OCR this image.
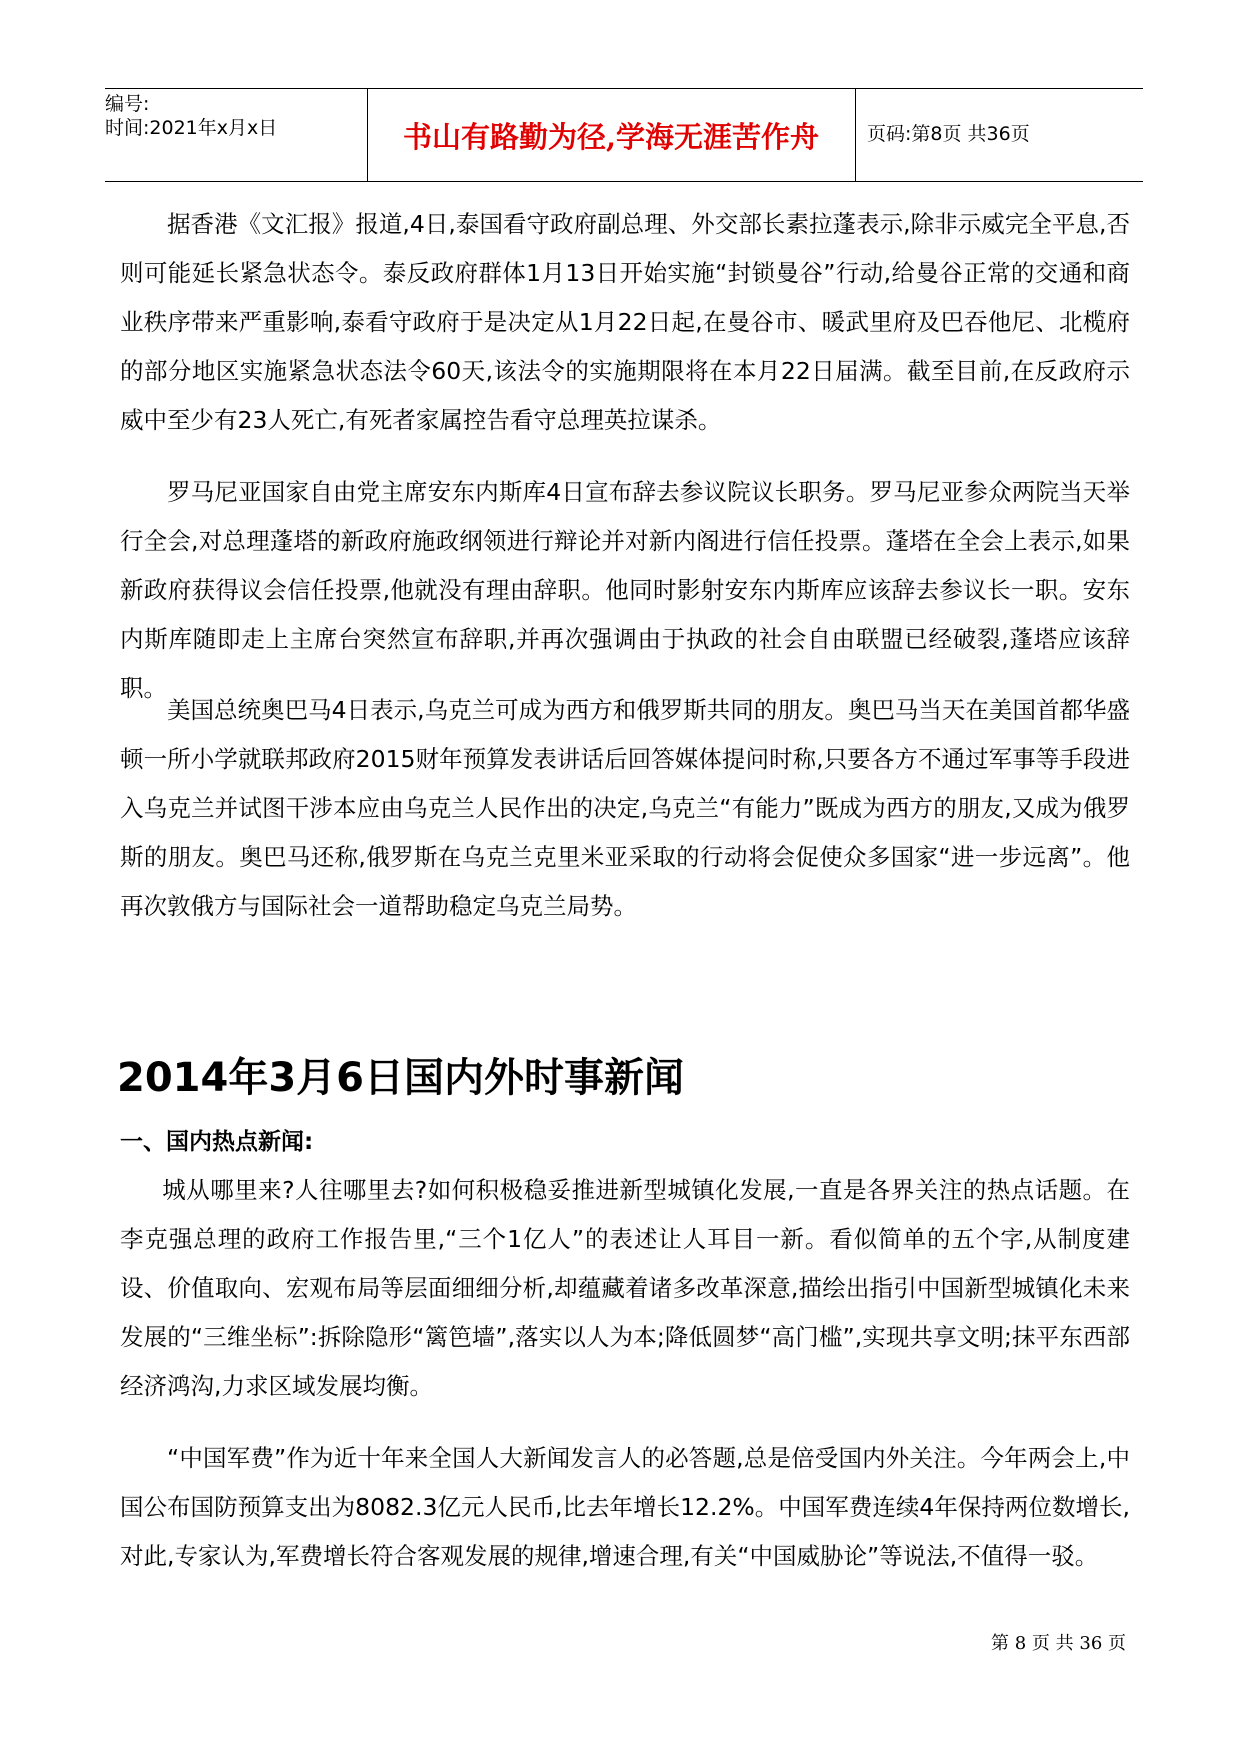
编号:
时间:2021年x月x日	书山有路勤为径,学海无涯苦作舟	页码:第8页 共36页

据香港《文汇报》报道,4日,泰国看守政府副总理、外交部长素拉蓬表示,除非示威完全平息,否则可能延长紧急状态令。泰反政府群体1月13日开始实施“封锁曼谷”行动,给曼谷正常的交通和商业秩序带来严重影响,泰看守政府于是决定从1月22日起,在曼谷市、暖武里府及巴吞他尼、北榄府的部分地区实施紧急状态法令60天,该法令的实施期限将在本月22日届满。截至目前,在反政府示威中至少有23人死亡,有死者家属控告看守总理英拉谋杀。

罗马尼亚国家自由党主席安东内斯库4日宣布辞去参议院议长职务。罗马尼亚参众两院当天举行全会,对总理蓬塔的新政府施政纲领进行辩论并对新内阁进行信任投票。蓬塔在全会上表示,如果新政府获得议会信任投票,他就没有理由辞职。他同时影射安东内斯库应该辞去参议长一职。安东内斯库随即走上主席台突然宣布辞职,并再次强调由于执政的社会自由联盟已经破裂,蓬塔应该辞职。

美国总统奥巴马4日表示,乌克兰可成为西方和俄罗斯共同的朋友。奥巴马当天在美国首都华盛顿一所小学就联邦政府2015财年预算发表讲话后回答媒体提问时称,只要各方不通过军事等手段进入乌克兰并试图干涉本应由乌克兰人民作出的决定,乌克兰“有能力”既成为西方的朋友,又成为俄罗斯的朋友。奥巴马还称,俄罗斯在乌克兰克里米亚采取的行动将会促使众多国家“进一步远离”。他再次敦俄方与国际社会一道帮助稳定乌克兰局势。

2014年3月6日国内外时事新闻
一、国内热点新闻:

城从哪里来?人往哪里去?如何积极稳妥推进新型城镇化发展,一直是各界关注的热点话题。在李克强总理的政府工作报告里,“三个1亿人”的表述让人耳目一新。看似简单的五个字,从制度建设、价值取向、宏观布局等层面细细分析,却蕴藏着诸多改革深意,描绘出指引中国新型城镇化未来发展的“三维坐标”:拆除隐形“篱笆墙”,落实以人为本;降低圆梦“高门槛”,实现共享文明;抹平东西部经济鸿沟,力求区域发展均衡。

“中国军费”作为近十年来全国人大新闻发言人的必答题,总是倍受国内外关注。今年两会上,中国公布国防预算支出为8082.3亿元人民币,比去年增长12.2%。中国军费连续4年保持两位数增长,对此,专家认为,军费增长符合客观发展的规律,增速合理,有关“中国威胁论”等说法,不值得一驳。

第 8 页 共 36 页
